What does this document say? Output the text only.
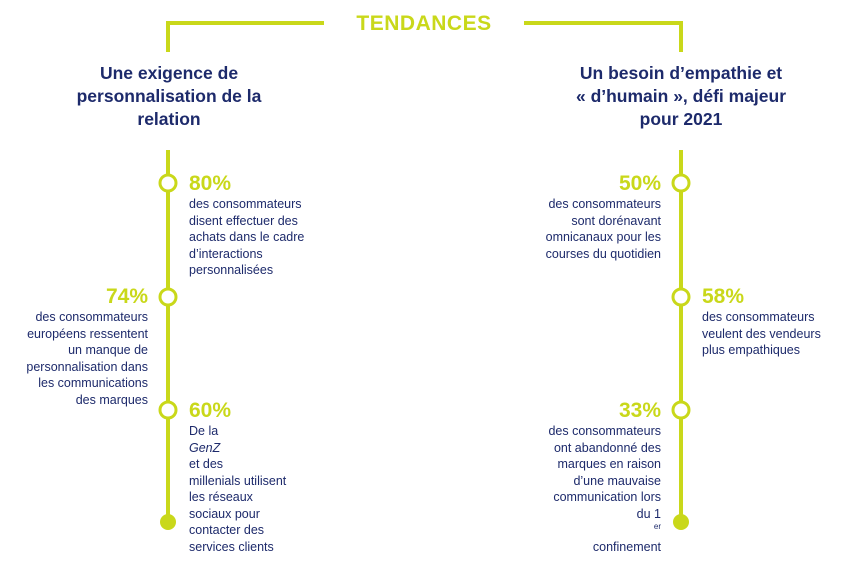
TENDANCES
Une exigence de
personnalisation de la
relation
Un besoin d’empathie et
« d’humain », défi majeur
pour 2021
80%
des consommateurs
disent effectuer des
achats dans le cadre
d’interactions
personnalisées
74%
des consommateurs
européens ressentent
un manque de
personnalisation dans
les communications
des marques 60%
De la
GenZ
et des
millenials utilisent
les réseaux
sociaux pour
contacter des
services clients
50%
des consommateurs
sont dorénavant
omnicanaux pour les
courses du quotidien
58%
des consommateurs
veulent des vendeurs
plus empathiques
33%
des consommateurs
ont abandonné des
marques en raison
d’une mauvaise
communication lors
du 1
$^{er}$
confinement
